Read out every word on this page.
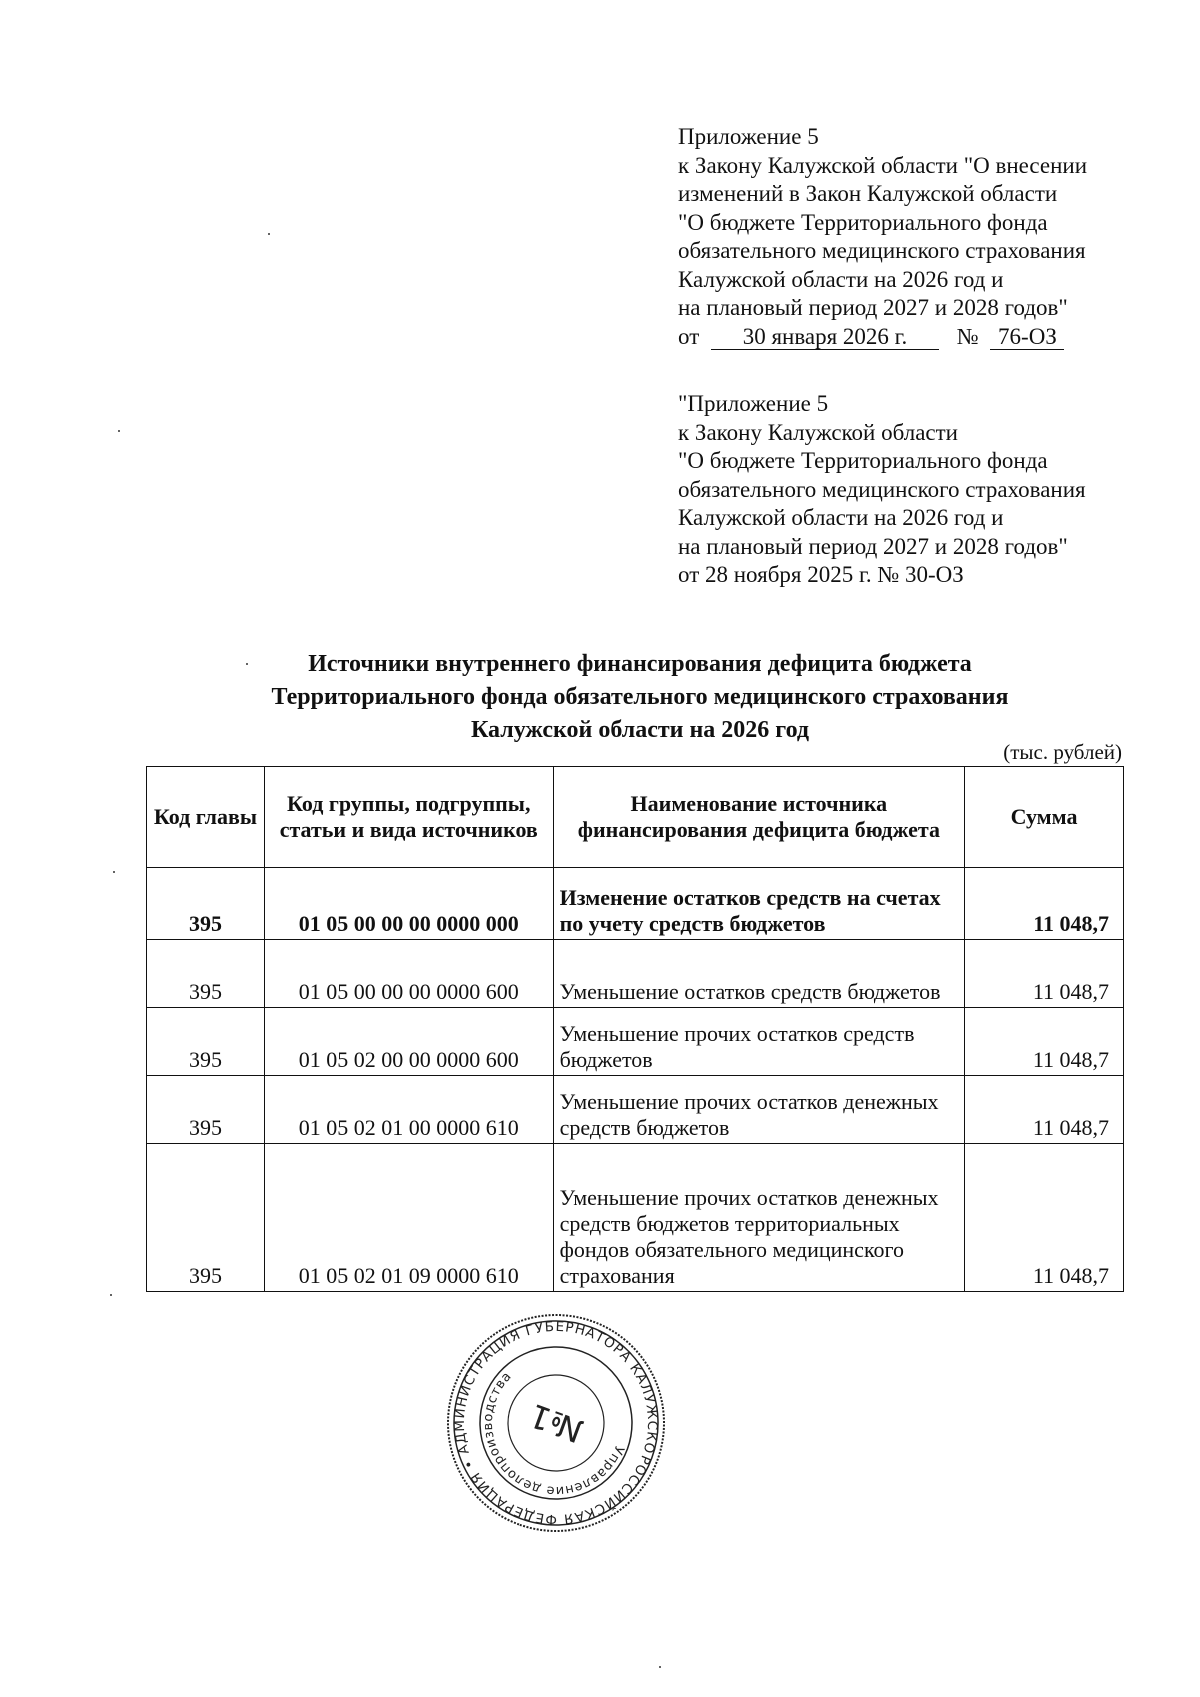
Приложение 5
к Закону Калужской области "О внесении
изменений в Закон Калужской области
"О бюджете Территориального фонда
обязательного медицинского страхования
Калужской области на 2026 год и
на плановый период 2027 и 2028 годов"
от 30 января 2026 г. № 76-ОЗ
"Приложение 5
к Закону Калужской области
"О бюджете Территориального фонда
обязательного медицинского страхования
Калужской области на 2026 год и
на плановый период 2027 и 2028 годов"
от 28 ноября 2025 г. № 30-ОЗ
Источники внутреннего финансирования дефицита бюджета
Территориального фонда обязательного медицинского страхования
Калужской области на 2026 год
(тыс. рублей)
Код главы	Код группы, подгруппы, статьи и вида источников	Наименование источника финансирования дефицита бюджета	Сумма
395	01 05 00 00 00 0000 000	Изменение остатков средств на счетах по учету средств бюджетов	11 048,7
395	01 05 00 00 00 0000 600	Уменьшение остатков средств бюджетов	11 048,7
395	01 05 02 00 00 0000 600	Уменьшение прочих остатков средств бюджетов	11 048,7
395	01 05 02 01 00 0000 610	Уменьшение прочих остатков денежных средств бюджетов	11 048,7
395	01 05 02 01 09 0000 610	Уменьшение прочих остатков денежных средств бюджетов территориальных фондов обязательного медицинского страхования	11 048,7
РОССИЙСКАЯ ФЕДЕРАЦИЯ • АДМИНИСТРАЦИЯ ГУБЕРНАТОРА КАЛУЖСКОЙ
Управление делопроизводства
№1
